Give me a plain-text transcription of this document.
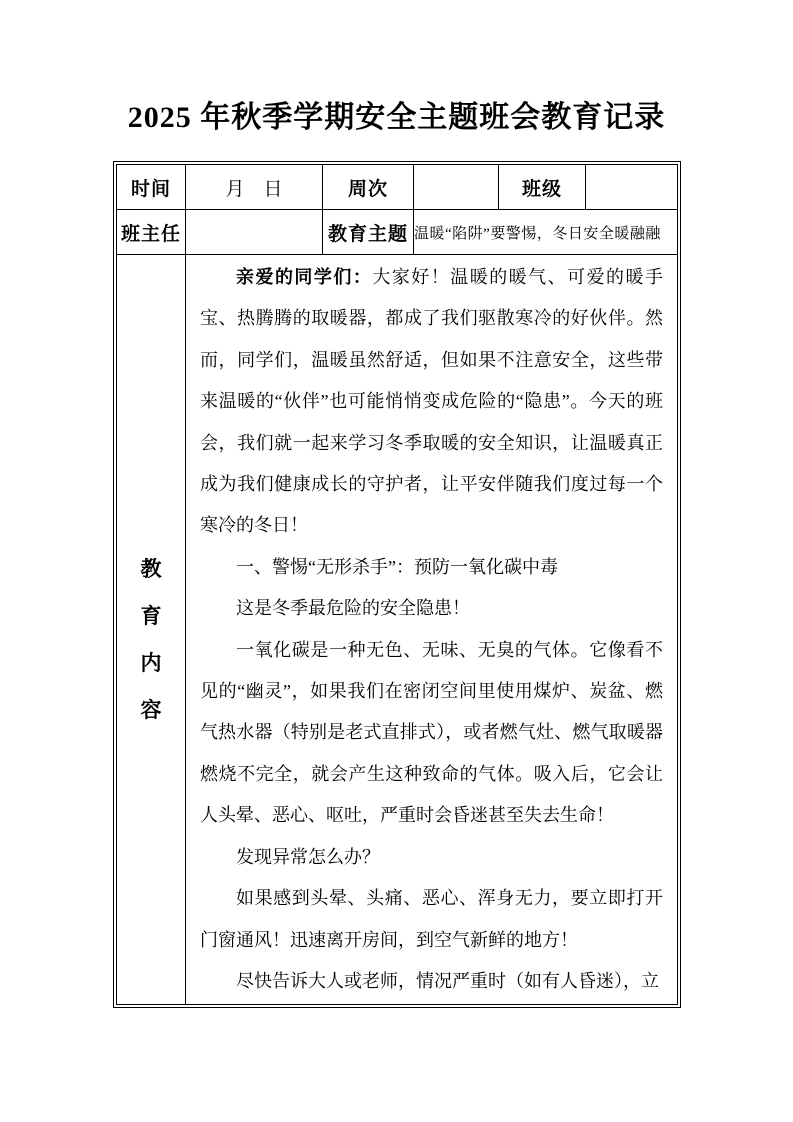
2025 年秋季学期安全主题班会教育记录
时间	月　日	周次		班级	
班主任		教育主题	温暖“陷阱”要警惕，冬日安全暖融融		

教
育
内
容

亲爱的同学们：大家好！温暖的暖气、可爱的暖手宝、热腾腾的取暖器，都成了我们驱散寒冷的好伙伴。然而，同学们，温暖虽然舒适，但如果不注意安全，这些带来温暖的“伙伴”也可能悄悄变成危险的“隐患”。今天的班会，我们就一起来学习冬季取暖的安全知识，让温暖真正成为我们健康成长的守护者，让平安伴随我们度过每一个寒冷的冬日！

一、警惕“无形杀手”：预防一氧化碳中毒

这是冬季最危险的安全隐患！

一氧化碳是一种无色、无味、无臭的气体。它像看不见的“幽灵”，如果我们在密闭空间里使用煤炉、炭盆、燃气热水器（特别是老式直排式），或者燃气灶、燃气取暖器燃烧不完全，就会产生这种致命的气体。吸入后，它会让人头晕、恶心、呕吐，严重时会昏迷甚至失去生命！

发现异常怎么办？

如果感到头晕、头痛、恶心、浑身无力，要立即打开门窗通风！迅速离开房间，到空气新鲜的地方！

尽快告诉大人或老师，情况严重时（如有人昏迷），立
